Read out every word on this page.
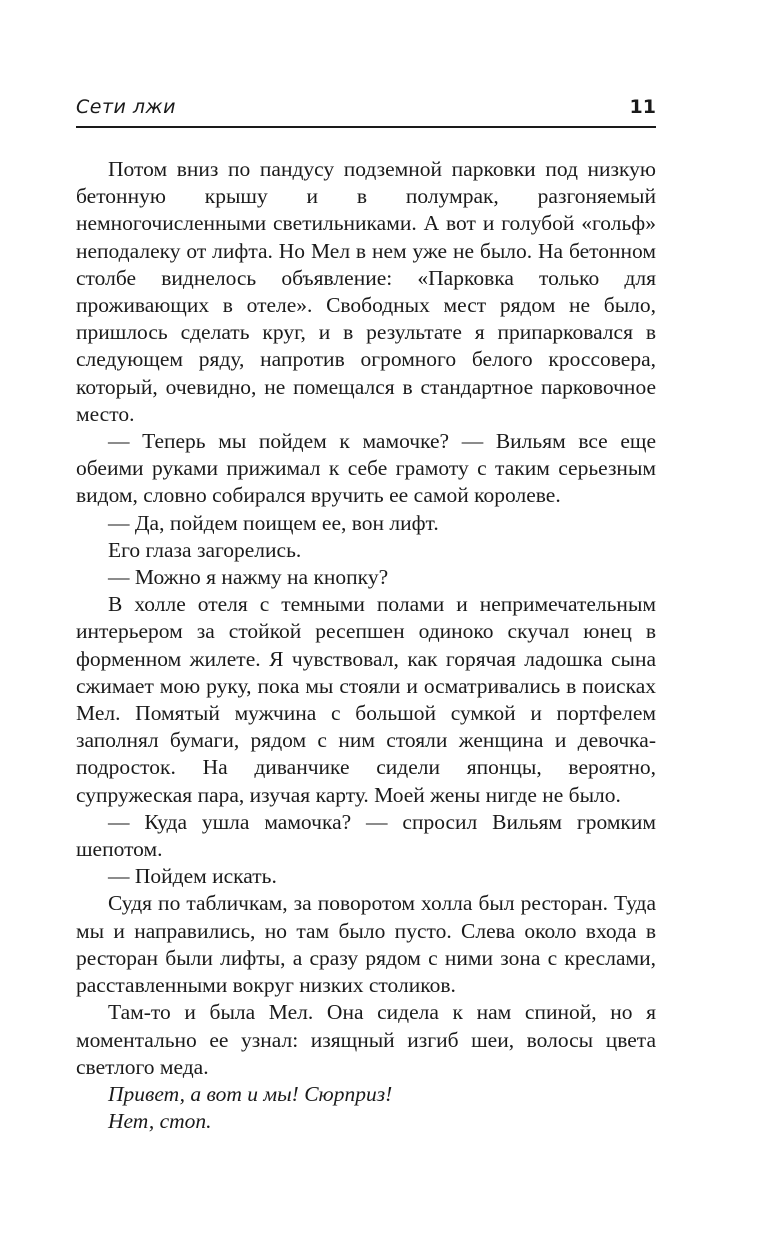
Сети лжи	11

Потом вниз по пандусу подземной парковки под низкую бетонную крышу и в полумрак, разгоняемый немногочисленными светильниками. А вот и голубой «гольф» неподалеку от лифта. Но Мел в нем уже не было. На бетонном столбе виднелось объявление: «Парковка только для проживающих в отеле». Свободных мест рядом не было, пришлось сделать круг, и в результате я припарковался в следующем ряду, напротив огромного белого кроссовера, который, очевидно, не помещался в стандартное парковочное место.

— Теперь мы пойдем к мамочке? — Вильям все еще обеими руками прижимал к себе грамоту с таким серьезным видом, словно собирался вручить ее самой королеве.

— Да, пойдем поищем ее, вон лифт.

Его глаза загорелись.

— Можно я нажму на кнопку?

В холле отеля с темными полами и непримечательным интерьером за стойкой ресепшен одиноко скучал юнец в форменном жилете. Я чувствовал, как горячая ладошка сына сжимает мою руку, пока мы стояли и осматривались в поисках Мел. Помятый мужчина с большой сумкой и портфелем заполнял бумаги, рядом с ним стояли женщина и девочка-подросток. На диванчике сидели японцы, вероятно, супружеская пара, изучая карту. Моей жены нигде не было.

— Куда ушла мамочка? — спросил Вильям громким шепотом.

— Пойдем искать.

Судя по табличкам, за поворотом холла был ресторан. Туда мы и направились, но там было пусто. Слева около входа в ресторан были лифты, а сразу рядом с ними зона с креслами, расставленными вокруг низких столиков.

Там-то и была Мел. Она сидела к нам спиной, но я моментально ее узнал: изящный изгиб шеи, волосы цвета светлого меда.

Привет, а вот и мы! Сюрприз!

Нет, стоп.
